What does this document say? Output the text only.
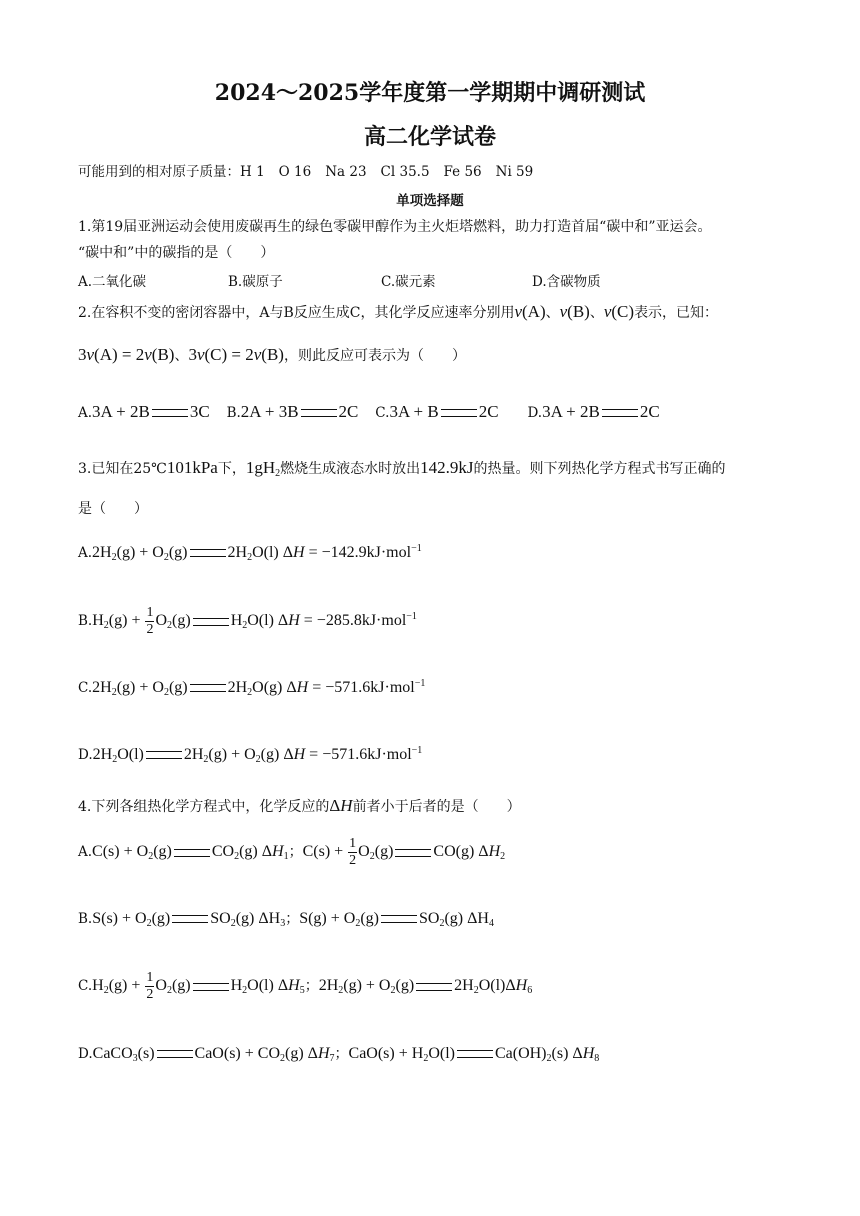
2024～2025学年度第一学期期中调研测试
高二化学试卷
可能用到的相对原子质量：H 1 O 16 Na 23 Cl 35.5 Fe 56 Ni 59
单项选择题
1.第19届亚洲运动会使用废碳再生的绿色零碳甲醇作为主火炬塔燃料，助力打造首届“碳中和”亚运会。
“碳中和”中的碳指的是（　　）
A.二氧化碳	B.碳原子	C.碳元素	D.含碳物质
2.在容积不变的密闭容器中，A与B反应生成C，其化学反应速率分别用v(A)、v(B)、v(C)表示，已知：
3v(A) = 2v(B)、3v(C) = 2v(B)，则此反应可表示为（　　）
A.3A + 2B 3C B.2A + 3B 2C C.3A + B 2C D.3A + 2B 2C
3.已知在25℃101kPa下，$1gH_2$燃烧生成液态水时放出142.9kJ的热量。则下列热化学方程式书写正确的
是（　　）
$A.2H_2(g) + O_2(g)$	$2H_2O(l) \Delta H = -142.9kJ\cdot mol^{-1}$
$B.H_2(g) + \frac{1}{2} O_2(g)$	$H_2O(l) \Delta H = -285.8kJ\cdot mol^{-1}$
$C.2H_2(g) + O_2(g)$	$2H_2O(g) \Delta H = -571.6kJ\cdot mol^{-1}$
$D.2H_2O(l)$	$2H_2(g) + O_2(g) \Delta H = -571.6kJ\cdot mol^{-1}$
4.下列各组热化学方程式中，化学反应的ΔH前者小于后者的是（　　）
$A.C(s) + O_2(g)$	$CO_2(g)$ $\Delta H_1$；$C(s) + \frac{1}{2} O_2(g)$	CO(g) $\Delta H_2$
$B.S(s) + O_2(g)$	$SO_2(g)$ $\Delta H_3$；$S(g) + O_2(g)$	$SO_2(g)$ $\Delta H_4$
$C.H_2(g) + \frac{1}{2} O_2(g)$	$H_2O(l)$ $\Delta H_5$；$2H_2(g) + O_2(g)$	$2H_2O(l)\Delta H_6$
D.CaCO$_3$(s)	$CaO(s) + CO_2(g)$ $\Delta H_7$；$CaO(s) + H_2O(l)$	$Ca(OH)_2(s)$ $\Delta H_8$
